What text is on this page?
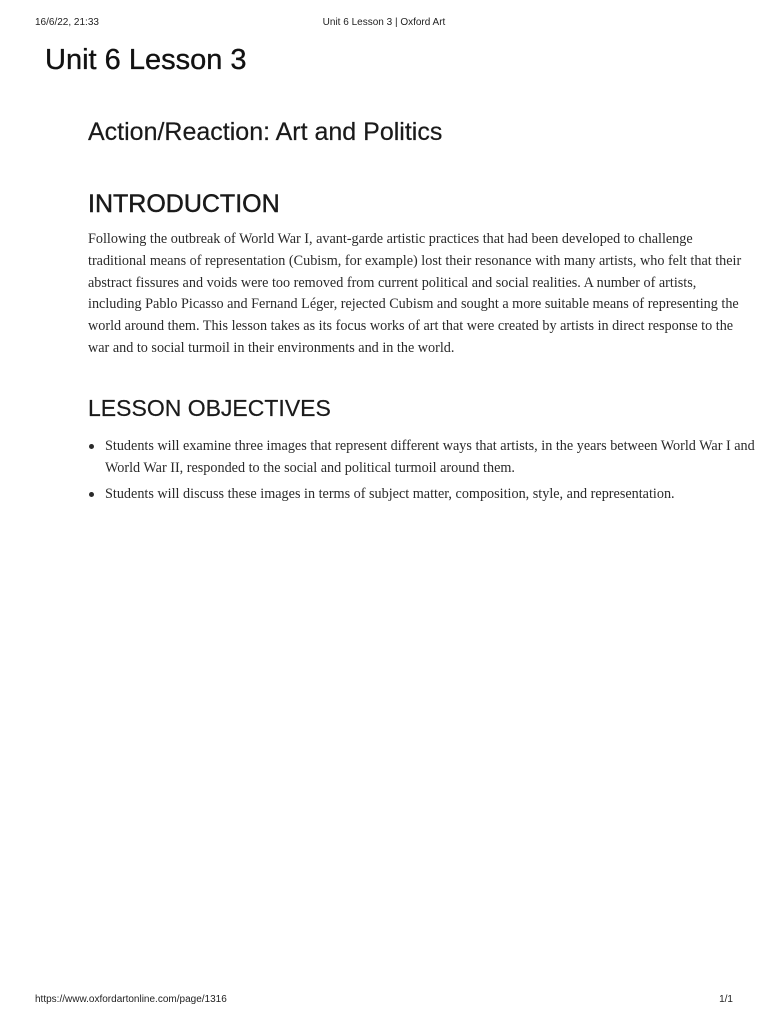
16/6/22, 21:33	Unit 6 Lesson 3 | Oxford Art
Unit 6 Lesson 3
Action/Reaction: Art and Politics
INTRODUCTION

Following the outbreak of World War I, avant-garde artistic practices that had been developed to challenge traditional means of representation (Cubism, for example) lost their resonance with many artists, who felt that their abstract fissures and voids were too removed from current political and social realities. A number of artists, including Pablo Picasso and Fernand Léger, rejected Cubism and sought a more suitable means of representing the world around them. This lesson takes as its focus works of art that were created by artists in direct response to the war and to social turmoil in their environments and in the world.

LESSON OBJECTIVES
Students will examine three images that represent different ways that artists, in the years between World War I and World War II, responded to the social and political turmoil around them.
Students will discuss these images in terms of subject matter, composition, style, and representation.
https://www.oxfordartonline.com/page/1316	1/1
